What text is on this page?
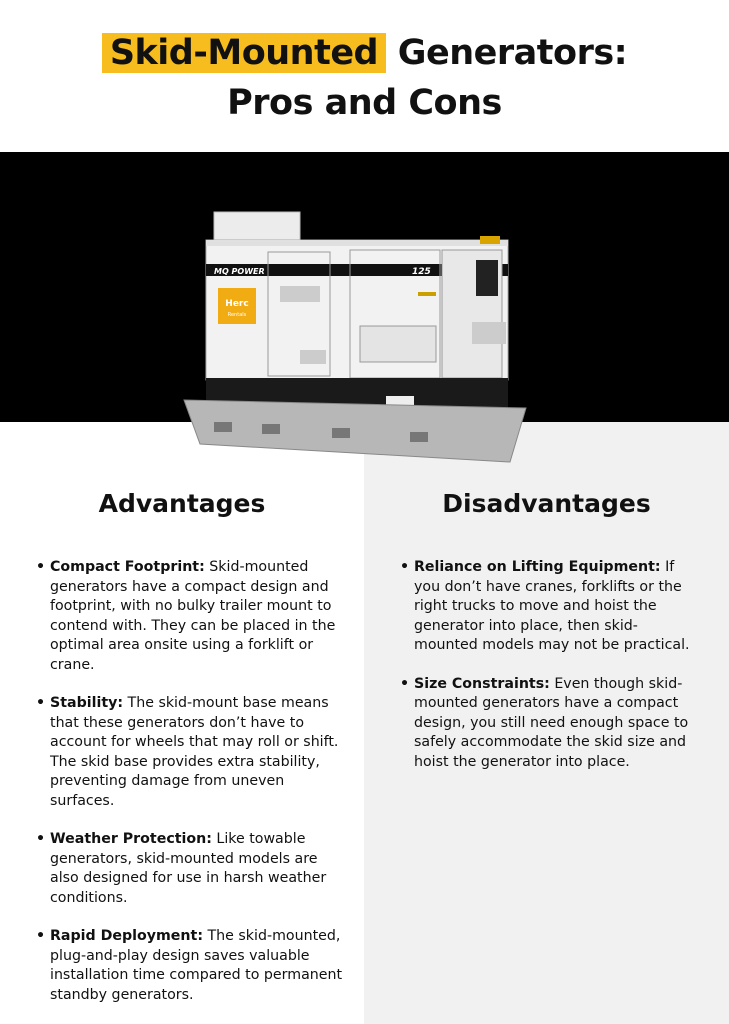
Skid-Mounted Generators:
Pros and Cons
MQ POWER	125
Herc
Rentals
Advantages
• Compact Footprint: Skid-mounted generators have a compact design and footprint, with no bulky trailer mount to contend with. They can be placed in the optimal area onsite using a forklift or crane.
• Stability: The skid-mount base means that these generators don’t have to account for wheels that may roll or shift. The skid base provides extra stability, preventing damage from uneven surfaces.
• Weather Protection: Like towable generators, skid-mounted models are also designed for use in harsh weather conditions.
• Rapid Deployment: The skid-mounted, plug-and-play design saves valuable installation time compared to permanent standby generators.
Disadvantages
• Reliance on Lifting Equipment: If you don’t have cranes, forklifts or the right trucks to move and hoist the generator into place, then skid-mounted models may not be practical.
• Size Constraints: Even though skid-mounted generators have a compact design, you still need enough space to safely accommodate the skid size and hoist the generator into place.
